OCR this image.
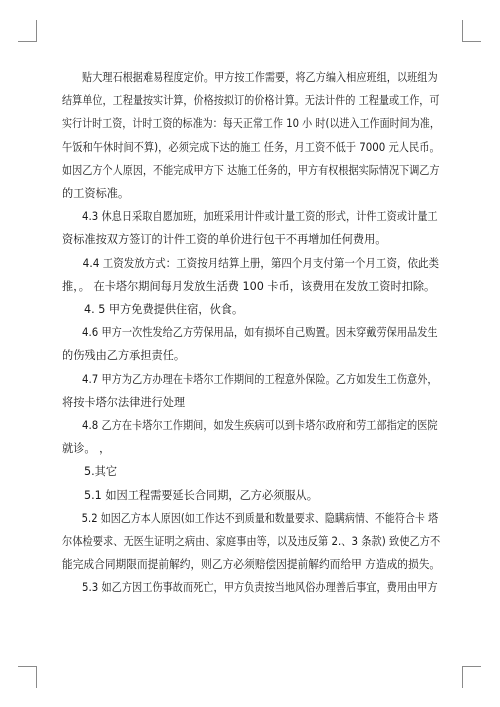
贴大理石根据难易程度定价。甲方按工作需要，将乙方编入相应班组，以班组为
结算单位，工程量按实计算，价格按拟订的价格计算。无法计件的 工程量或工作，可
实行计时工资，计时工资的标准为：每天正常工作 10 小 时(以进入工作面时间为准，
午饭和午休时间不算)，必须完成下达的施工 任务，月工资不低于 7000 元人民币。
如因乙方个人原因，不能完成甲方下 达施工任务的，甲方有权根据实际情况下调乙方
的工资标准。

4.3 休息日采取自愿加班，加班采用计件或计量工资的形式，计件工资或计量工
资标准按双方签订的计件工资的单价进行包干不再增加任何费用。

4.4 工资发放方式：工资按月结算上册，第四个月支付第一个月工资，依此类
推，。 在卡塔尔期间每月发放生活费 100 卡币，该费用在发放工资时扣除。

4. 5 甲方免费提供住宿，伙食。

4.6 甲方一次性发给乙方劳保用品，如有损坏自己购置。因未穿戴劳保用品发生
的伤残由乙方承担责任。

4.7 甲方为乙方办理在卡塔尔工作期间的工程意外保险。乙方如发生工伤意外，
将按卡塔尔法律进行处理

4.8 乙方在卡塔尔工作期间，如发生疾病可以到卡塔尔政府和劳工部指定的医院
就诊。 ，

5.其它

5.1 如因工程需要延长合同期，乙方必须服从。

5.2 如因乙方本人原因(如工作达不到质量和数量要求、隐瞒病情、不能符合卡 塔
尔体检要求、无医生证明之病由、家庭事由等，以及违反第 2.、3 条款) 致使乙方不
能完成合同期限而提前解约，则乙方必须赔偿因提前解约而给甲 方造成的损失。

5.3 如乙方因工伤事故而死亡，甲方负责按当地风俗办理善后事宜，费用由甲方
